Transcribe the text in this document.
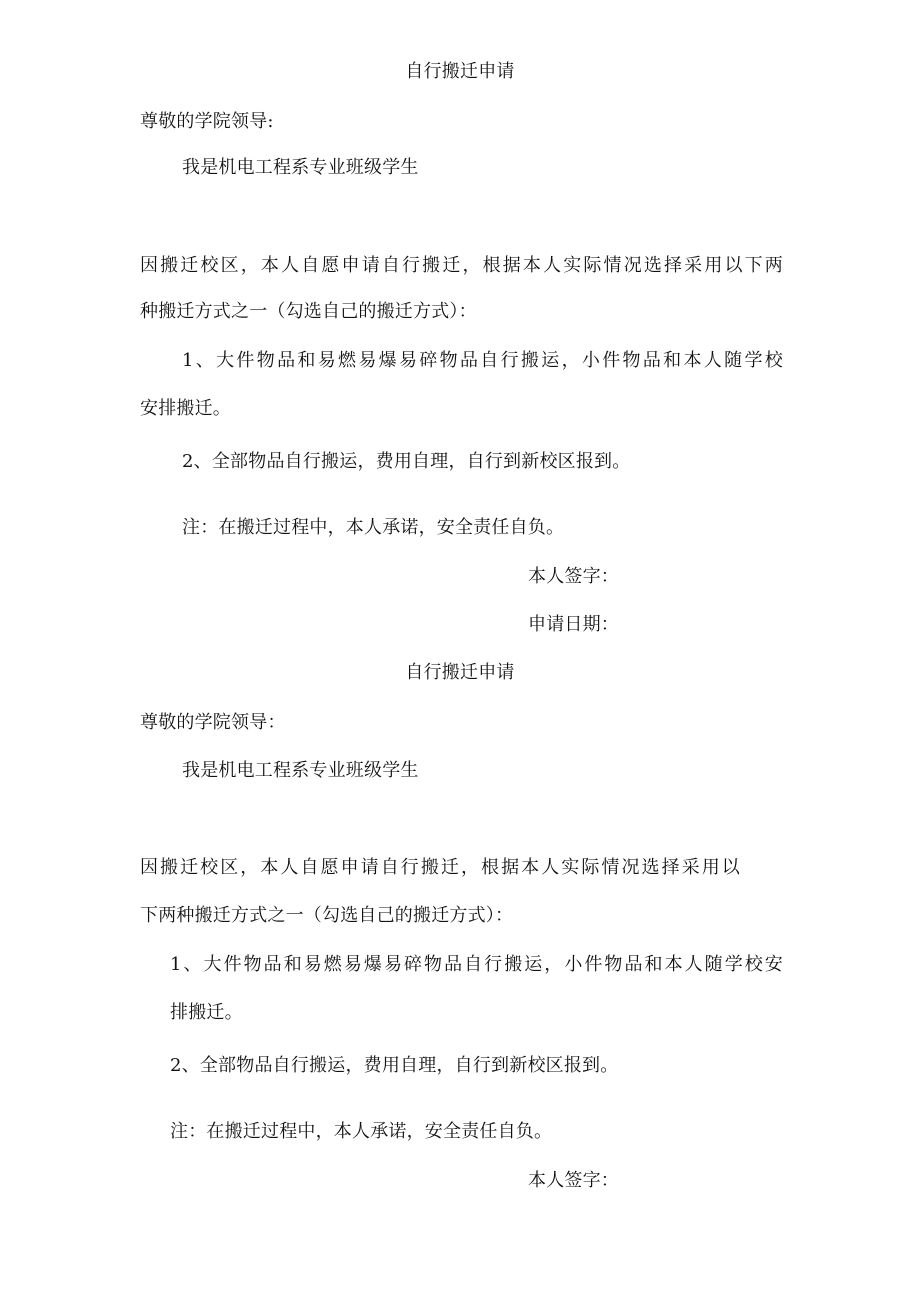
自行搬迁申请
尊敬的学院领导:
我是机电工程系专业班级学生
因搬迁校区，本人自愿申请自行搬迁，根据本人实际情况选择采用以下两
种搬迁方式之一（勾选自己的搬迁方式）：
1、大件物品和易燃易爆易碎物品自行搬运，小件物品和本人随学校
安排搬迁。
2、全部物品自行搬运，费用自理，自行到新校区报到。
注：在搬迁过程中，本人承诺，安全责任自负。
本人签字：
申请日期：
自行搬迁申请
尊敬的学院领导：
我是机电工程系专业班级学生
因搬迁校区，本人自愿申请自行搬迁，根据本人实际情况选择采用以
下两种搬迁方式之一（勾选自己的搬迁方式）：
1、大件物品和易燃易爆易碎物品自行搬运，小件物品和本人随学校安
排搬迁。
2、全部物品自行搬运，费用自理，自行到新校区报到。
注：在搬迁过程中，本人承诺，安全责任自负。
本人签字：
